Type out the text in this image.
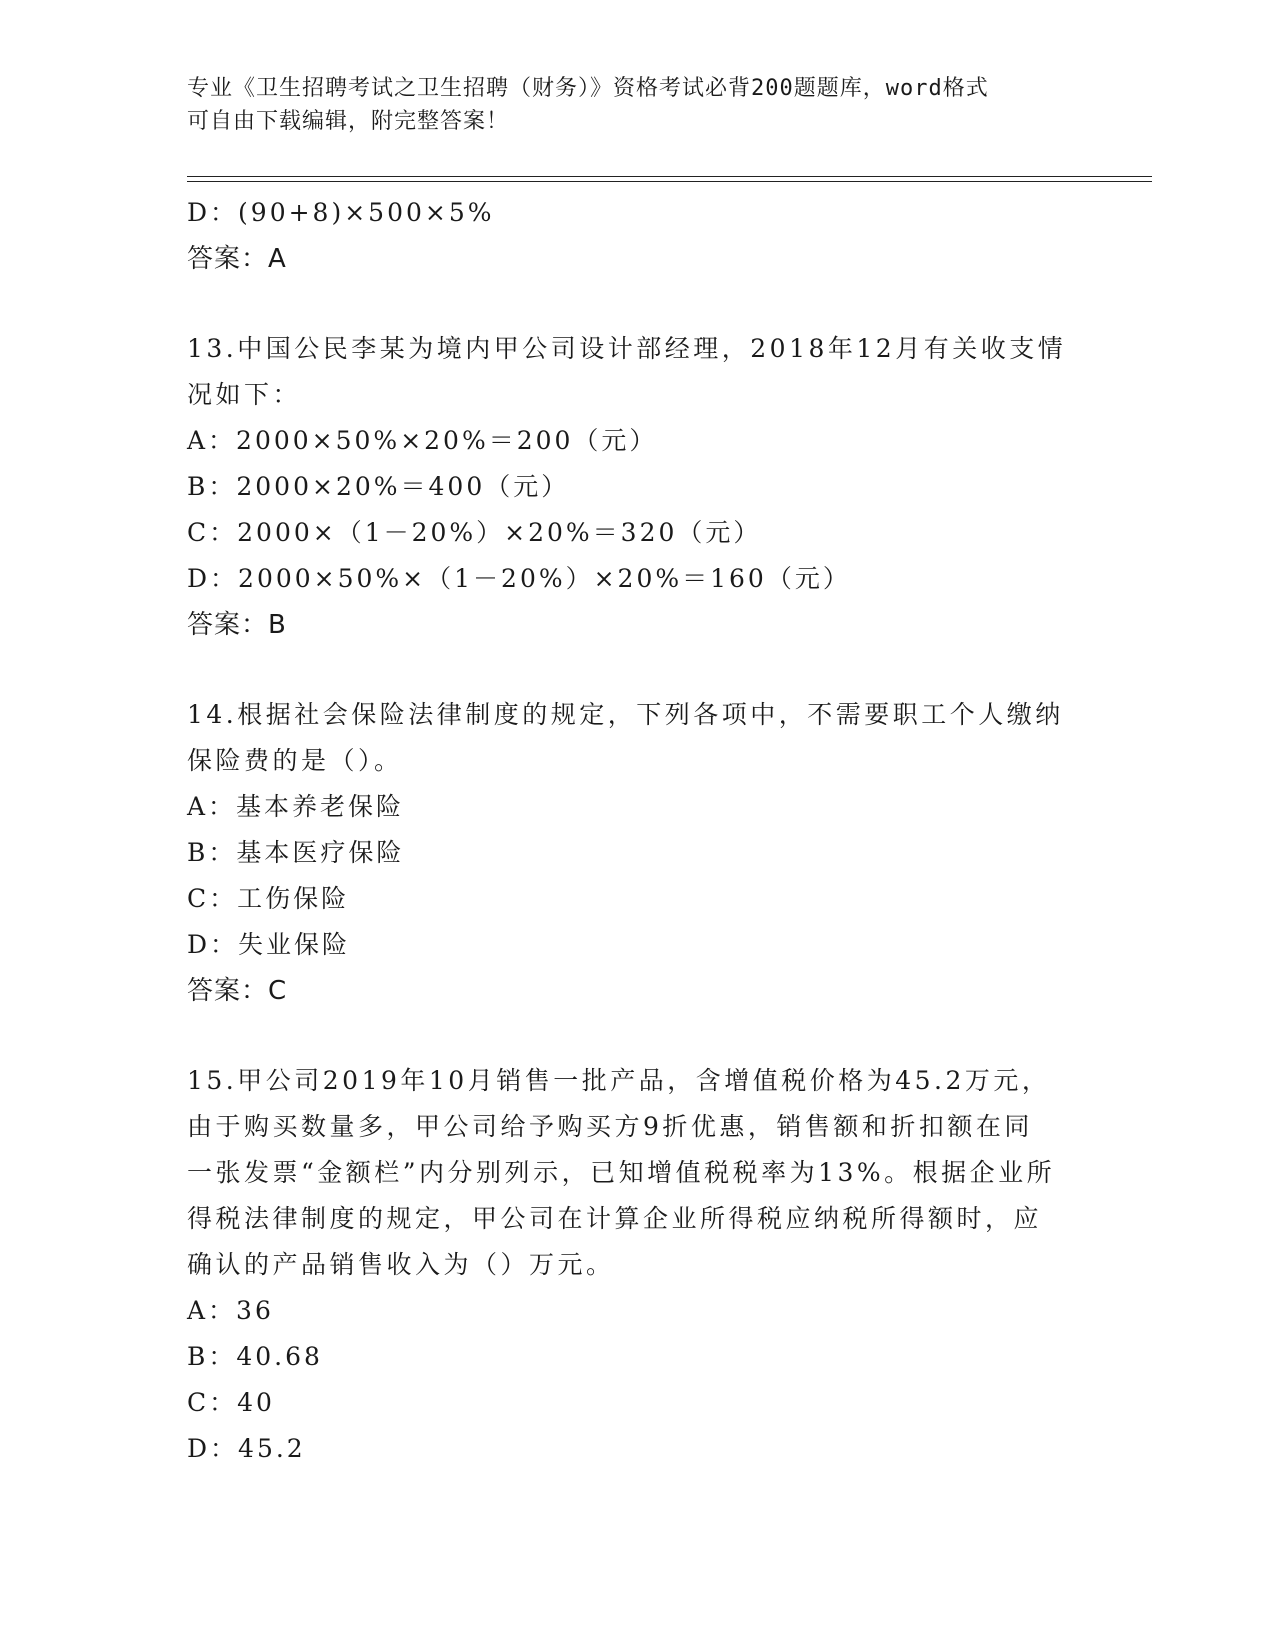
专业《卫生招聘考试之卫生招聘（财务）》资格考试必背200题题库，word格式
可自由下载编辑，附完整答案！
D：(90+8)×500×5%
答案：A
13.中国公民李某为境内甲公司设计部经理，2018年12月有关收支情
况如下：
A：2000×50%×20%＝200（元）
B：2000×20%＝400（元）
C：2000×（1－20%）×20%＝320（元）
D：2000×50%×（1－20%）×20%＝160（元）
答案：B
14.根据社会保险法律制度的规定，下列各项中，不需要职工个人缴纳
保险费的是（）。
A：基本养老保险
B：基本医疗保险
C：工伤保险
D：失业保险
答案：C
15.甲公司2019年10月销售一批产品，含增值税价格为45.2万元，
由于购买数量多，甲公司给予购买方9折优惠，销售额和折扣额在同
一张发票“金额栏”内分别列示，已知增值税税率为13%。根据企业所
得税法律制度的规定，甲公司在计算企业所得税应纳税所得额时，应
确认的产品销售收入为（）万元。
A：36
B：40.68
C：40
D：45.2
